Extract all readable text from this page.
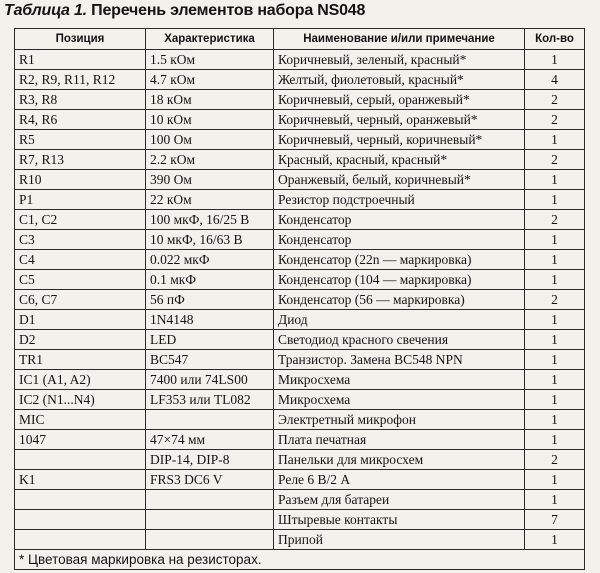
Таблица 1. Перечень элементов набора NS048
Позиция	Характеристика	Наименование и/или примечание	Кол-во
R1	1.5 кОм	Коричневый, зеленый, красный*	1
R2, R9, R11, R12	4.7 кОм	Желтый, фиолетовый, красный*	4
R3, R8	18 кОм	Коричневый, серый, оранжевый*	2
R4, R6	10 кОм	Коричневый, черный, оранжевый*	2
R5	100 Ом	Коричневый, черный, коричневый*	1
R7, R13	2.2 кОм	Красный, красный, красный*	2
R10	390 Ом	Оранжевый, белый, коричневый*	1
P1	22 кОм	Резистор подстроечный	1
C1, C2	100 мкФ, 16/25 В	Конденсатор	2
C3	10 мкФ, 16/63 В	Конденсатор	1
C4	0.022 мкФ	Конденсатор (22n — маркировка)	1
C5	0.1 мкФ	Конденсатор (104 — маркировка)	1
C6, C7	56 пФ	Конденсатор (56 — маркировка)	2
D1	1N4148	Диод	1
D2	LED	Светодиод красного свечения	1
TR1	BC547	Транзистор. Замена BC548 NPN	1
IC1 (A1, A2)	7400 или 74LS00	Микросхема	1
IC2 (N1...N4)	LF353 или TL082	Микросхема	1
MIC		Электретный микрофон	1
1047	47×74 мм	Плата печатная	1
	DIP-14, DIP-8	Панельки для микросхем	2
K1	FRS3 DC6 V	Реле 6 В/2 А	1
		Разъем для батареи	1
		Штыревые контакты	7
		Припой	1
* Цветовая маркировка на резисторах.			
